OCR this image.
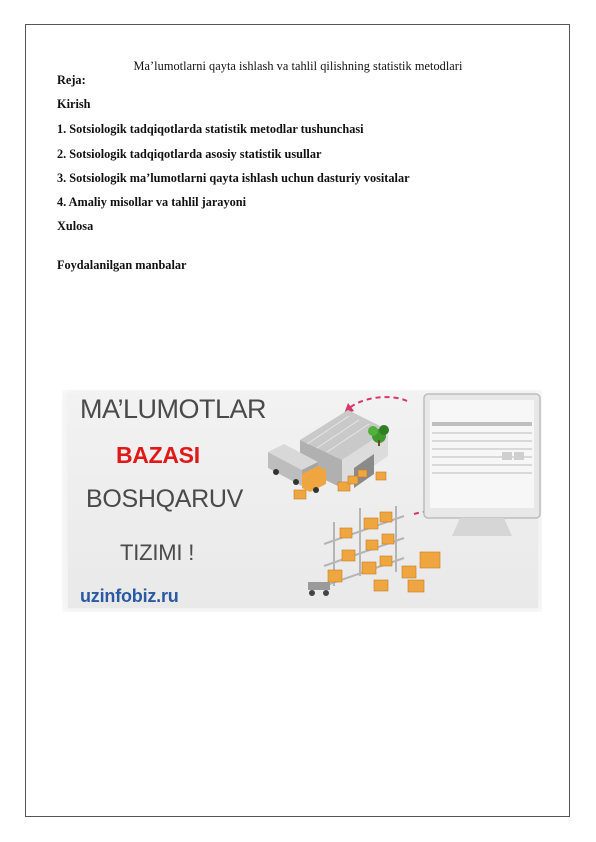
Ma’lumotlarni qayta ishlash va tahlil qilishning statistik metodlari
Reja:
Kirish
1. Sotsiologik tadqiqotlarda statistik metodlar tushunchasi
2. Sotsiologik tadqiqotlarda asosiy statistik usullar
3. Sotsiologik ma’lumotlarni qayta ishlash uchun dasturiy vositalar
4. Amaliy misollar va tahlil jarayoni
Xulosa
Foydalanilgan manbalar
MA’LUMOTLAR
BAZASI
BOSHQARUV
TIZIMI !
uzinfobiz.ru
